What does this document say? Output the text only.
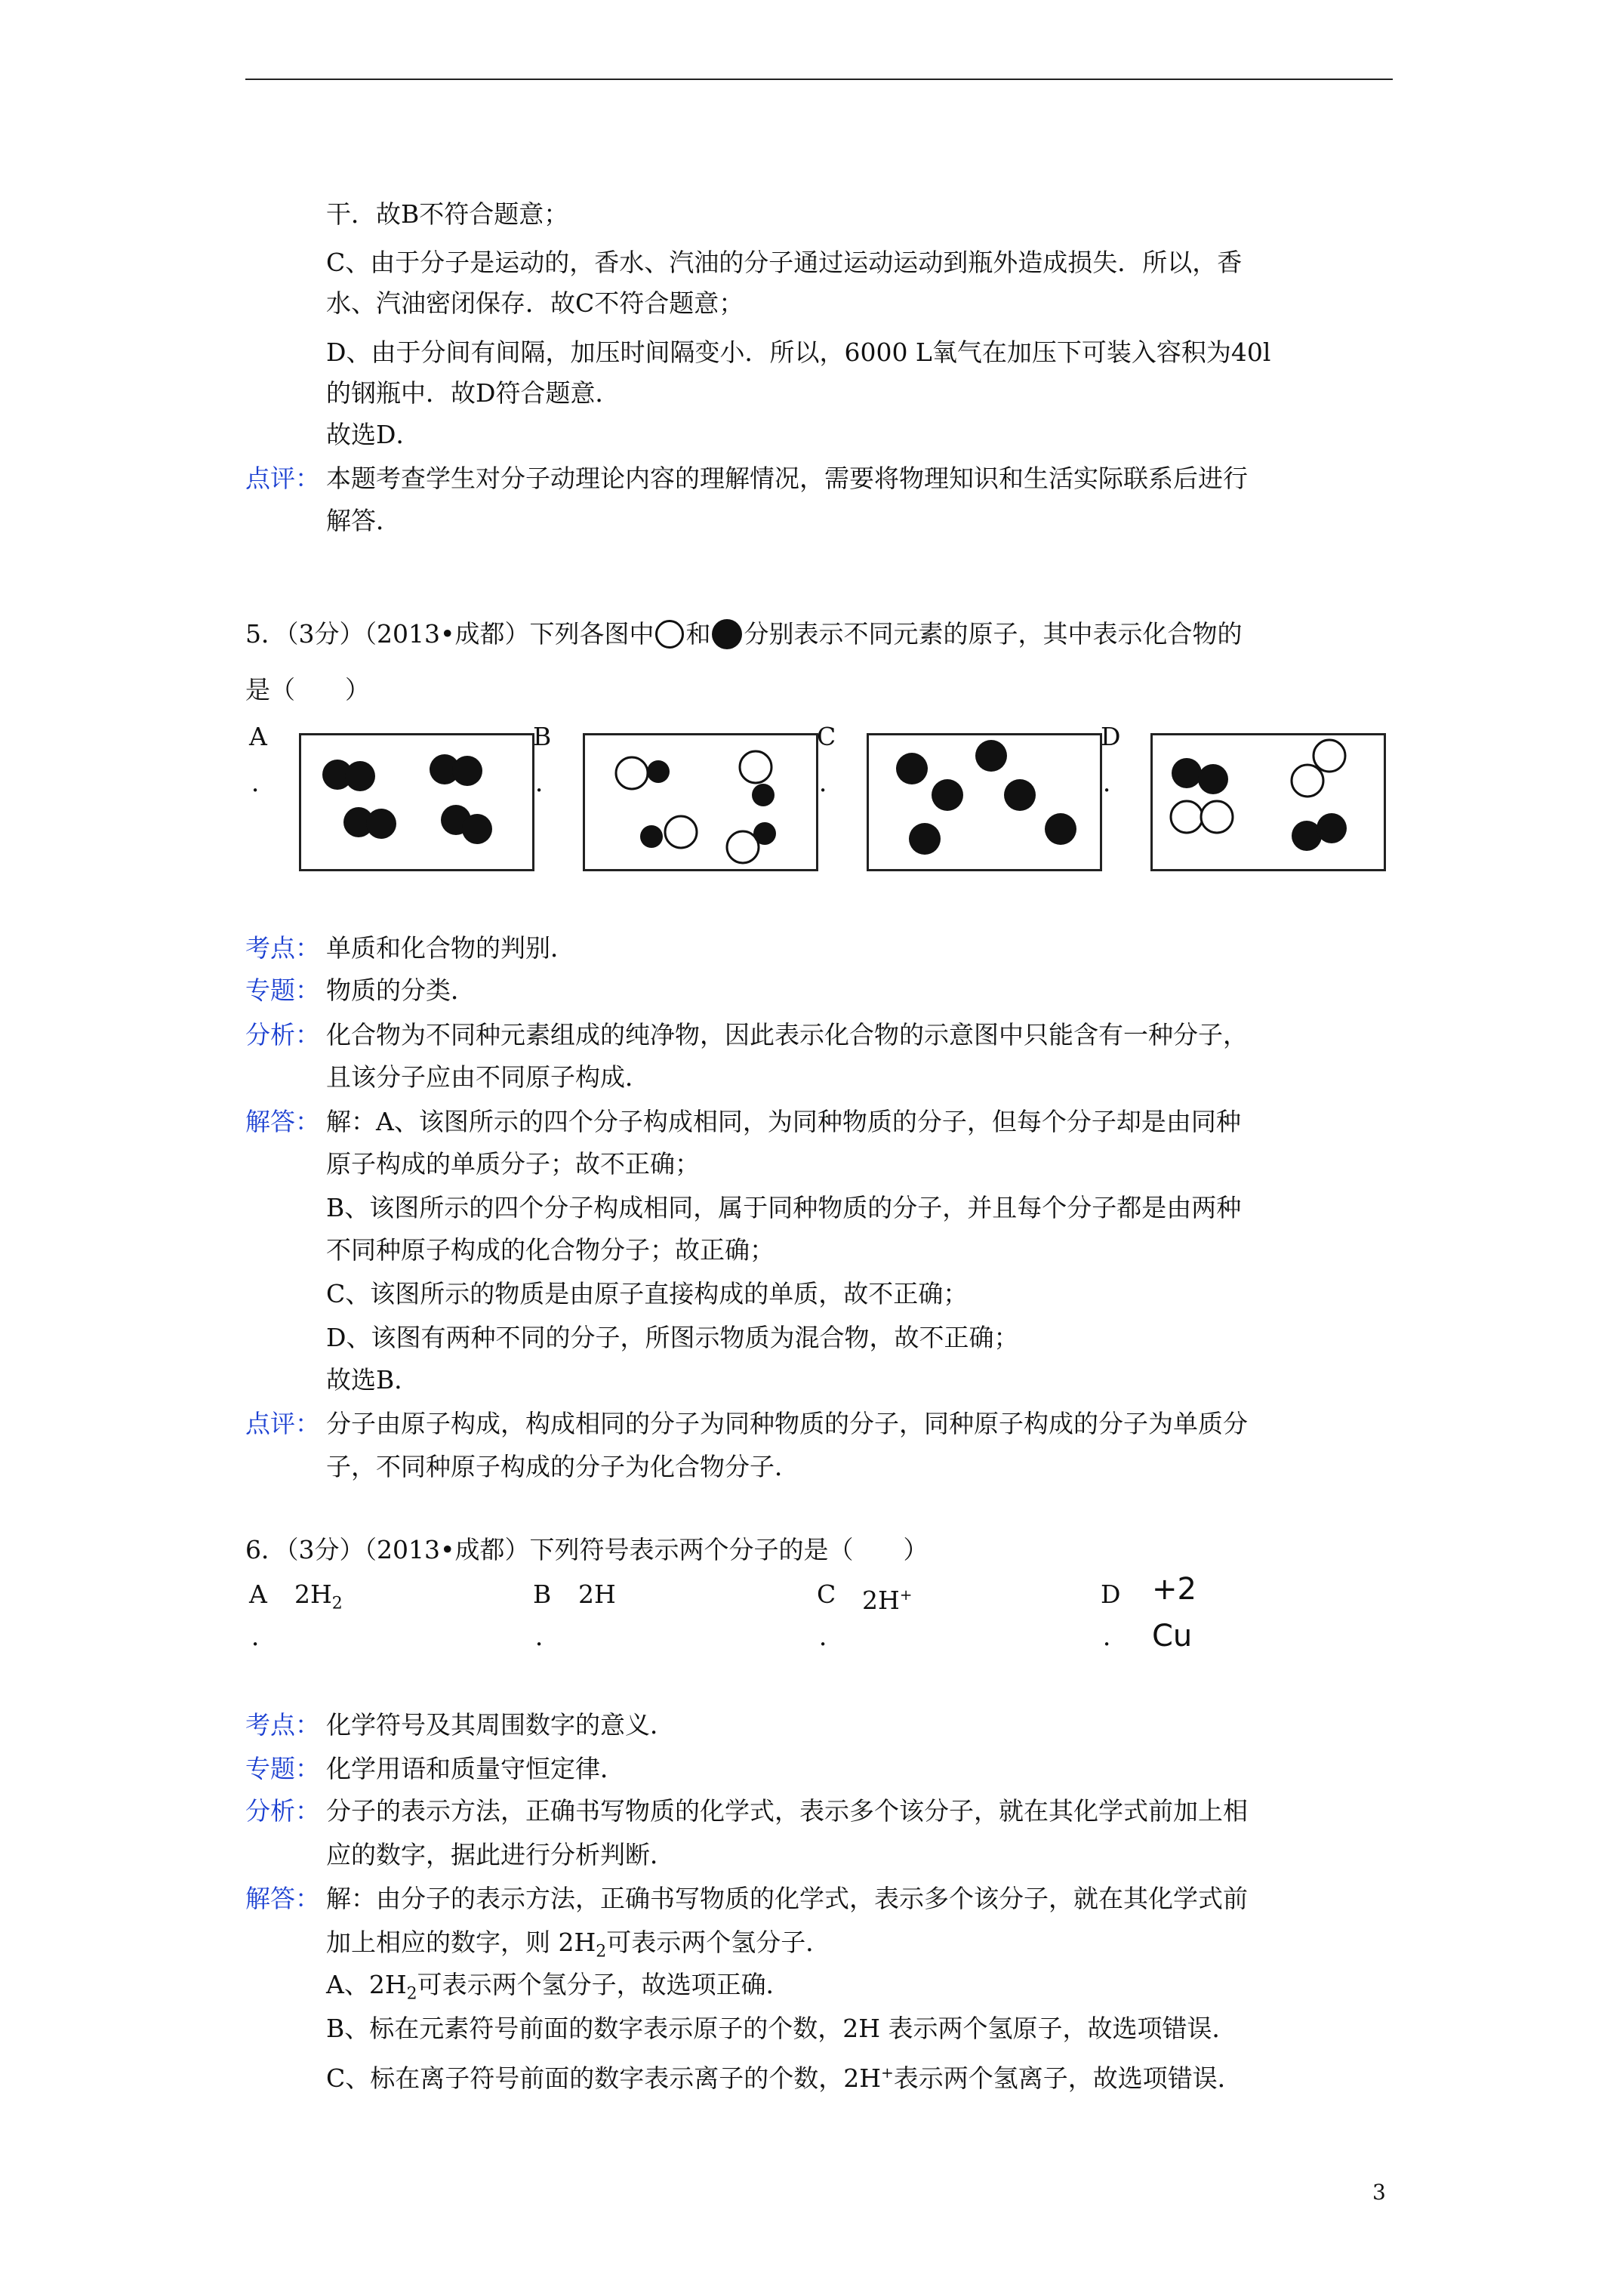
干．故B不符合题意；
C、由于分子是运动的，香水、汽油的分子通过运动运动到瓶外造成损失．所以，香
水、汽油密闭保存．故C不符合题意；
D、由于分间有间隔，加压时间隔变小．所以，6000 L氧气在加压下可装入容积为40l
的钢瓶中．故D符合题意．
故选D．
点评： 本题考查学生对分子动理论内容的理解情况，需要将物理知识和生活实际联系后进行
解答．
5．（3分）（2013•成都）下列各图中 和 分别表示不同元素的原子，其中表示化合物的
是（　　）
A
．
B
．
C
．
D
．
考点： 单质和化合物的判别．
专题： 物质的分类．
分析： 化合物为不同种元素组成的纯净物，因此表示化合物的示意图中只能含有一种分子，
且该分子应由不同原子构成．
解答： 解：A、该图所示的四个分子构成相同，为同种物质的分子，但每个分子却是由同种
原子构成的单质分子；故不正确；
B、该图所示的四个分子构成相同，属于同种物质的分子，并且每个分子都是由两种
不同种原子构成的化合物分子；故正确；
C、该图所示的物质是由原子直接构成的单质，故不正确；
D、该图有两种不同的分子，所图示物质为混合物，故不正确；
故选B．
点评： 分子由原子构成，构成相同的分子为同种物质的分子，同种原子构成的分子为单质分
子，不同种原子构成的分子为化合物分子．
6．（3分）（2013•成都）下列符号表示两个分子的是（　　）
A $2H_2$
．
B 2H
．
C 2H+
．
D +2
Cu
．
考点： 化学符号及其周围数字的意义．
专题： 化学用语和质量守恒定律．
分析： 分子的表示方法，正确书写物质的化学式，表示多个该分子，就在其化学式前加上相
应的数字，据此进行分析判断．
解答： 解：由分子的表示方法，正确书写物质的化学式，表示多个该分子，就在其化学式前
加上相应的数字，则 $2H_2$可表示两个氢分子．
A、$2H_2$可表示两个氢分子，故选项正确．
B、标在元素符号前面的数字表示原子的个数，2H 表示两个氢原子，故选项错误．
C、标在离子符号前面的数字表示离子的个数，2H+表示两个氢离子，故选项错误．
3
